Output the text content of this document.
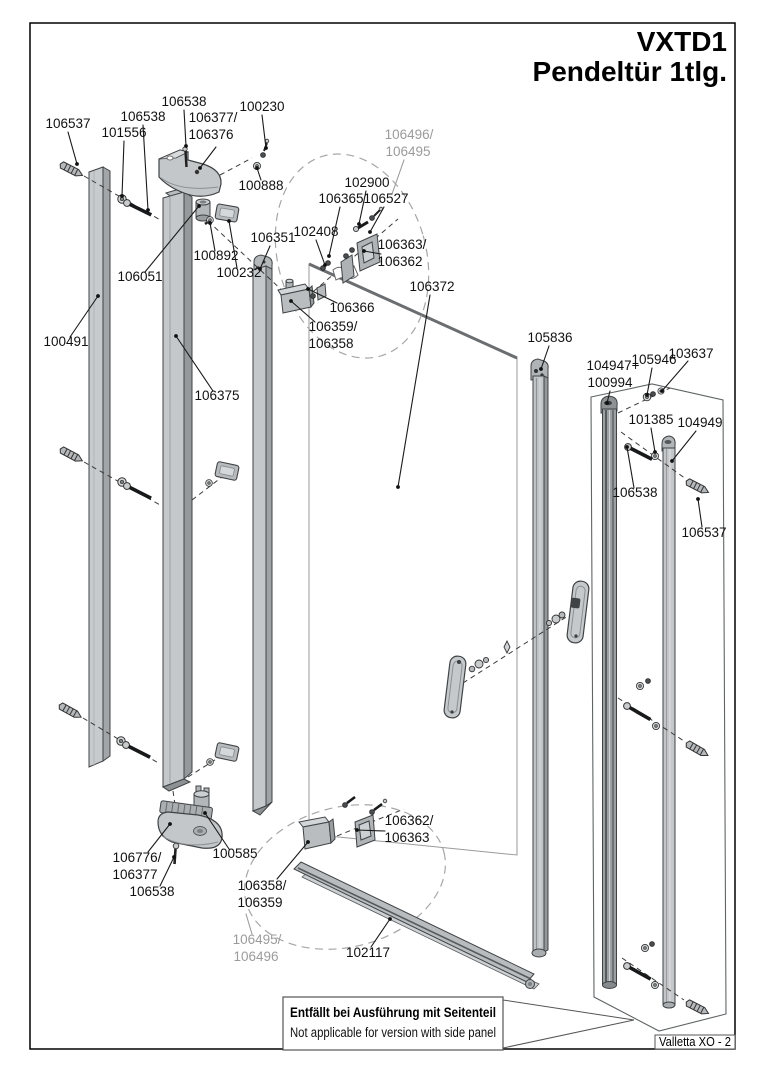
VXTD1
Pendeltür 1tlg.
106537 106538
101556
106538
106377/
106376
100230
100888
100892
100232
106051
106351
100491
106375
106496/
106495
102900
106365 106527
102408
106363/
106362
106366
106359/
106358
106372
105836
104947+
100994
105946
103637
101385 104949
106538
106537
106776/
106377
106538
100585
106358/
106359
106495/
106496	102117
106362/
106363
Entfällt bei Ausführung mit Seitenteil
Not applicable for version with side panel
Valletta XO - 2
